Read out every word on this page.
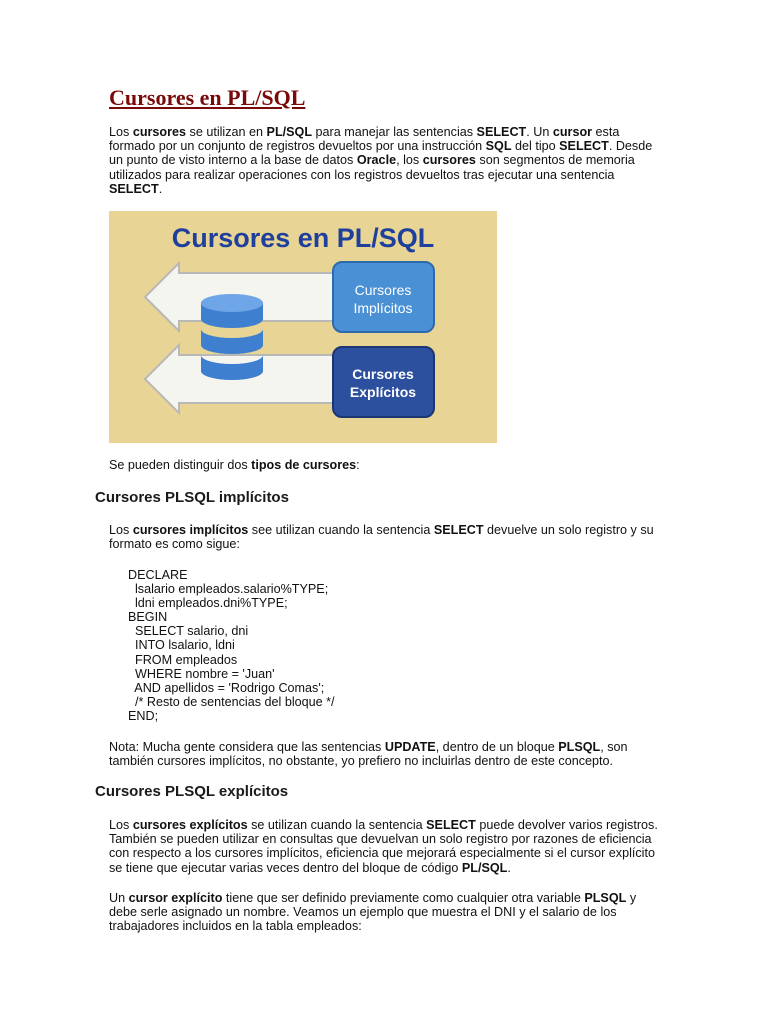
Cursores en PL/SQL

Los cursores se utilizan en PL/SQL para manejar las sentencias SELECT. Un cursor esta formado por un conjunto de registros devueltos por una instrucción SQL del tipo SELECT. Desde un punto de visto interno a la base de datos Oracle, los cursores son segmentos de memoria utilizados para realizar operaciones con los registros devueltos tras ejecutar una sentencia SELECT.

Cursores en PL/SQL
Cursores
Implícitos
Cursores
Explícitos

Se pueden distinguir dos tipos de cursores:

Cursores PLSQL implícitos

Los cursores implícitos see utilizan cuando la sentencia SELECT devuelve un solo registro y su formato es como sigue:

DECLARE
lsalario empleados.salario%TYPE;
ldni empleados.dni%TYPE;
BEGIN
SELECT salario, dni
INTO lsalario, ldni
FROM empleados
WHERE nombre = 'Juan'
AND apellidos = 'Rodrigo Comas';
/* Resto de sentencias del bloque */
END;

Nota: Mucha gente considera que las sentencias UPDATE, dentro de un bloque PLSQL, son también cursores implícitos, no obstante, yo prefiero no incluirlas dentro de este concepto.

Cursores PLSQL explícitos

Los cursores explícitos se utilizan cuando la sentencia SELECT puede devolver varios registros. También se pueden utilizar en consultas que devuelvan un solo registro por razones de eficiencia con respecto a los cursores implícitos, eficiencia que mejorará especialmente si el cursor explícito se tiene que ejecutar varias veces dentro del bloque de código PL/SQL.

Un cursor explícito tiene que ser definido previamente como cualquier otra variable PLSQL y debe serle asignado un nombre. Veamos un ejemplo que muestra el DNI y el salario de los trabajadores incluidos en la tabla empleados:
